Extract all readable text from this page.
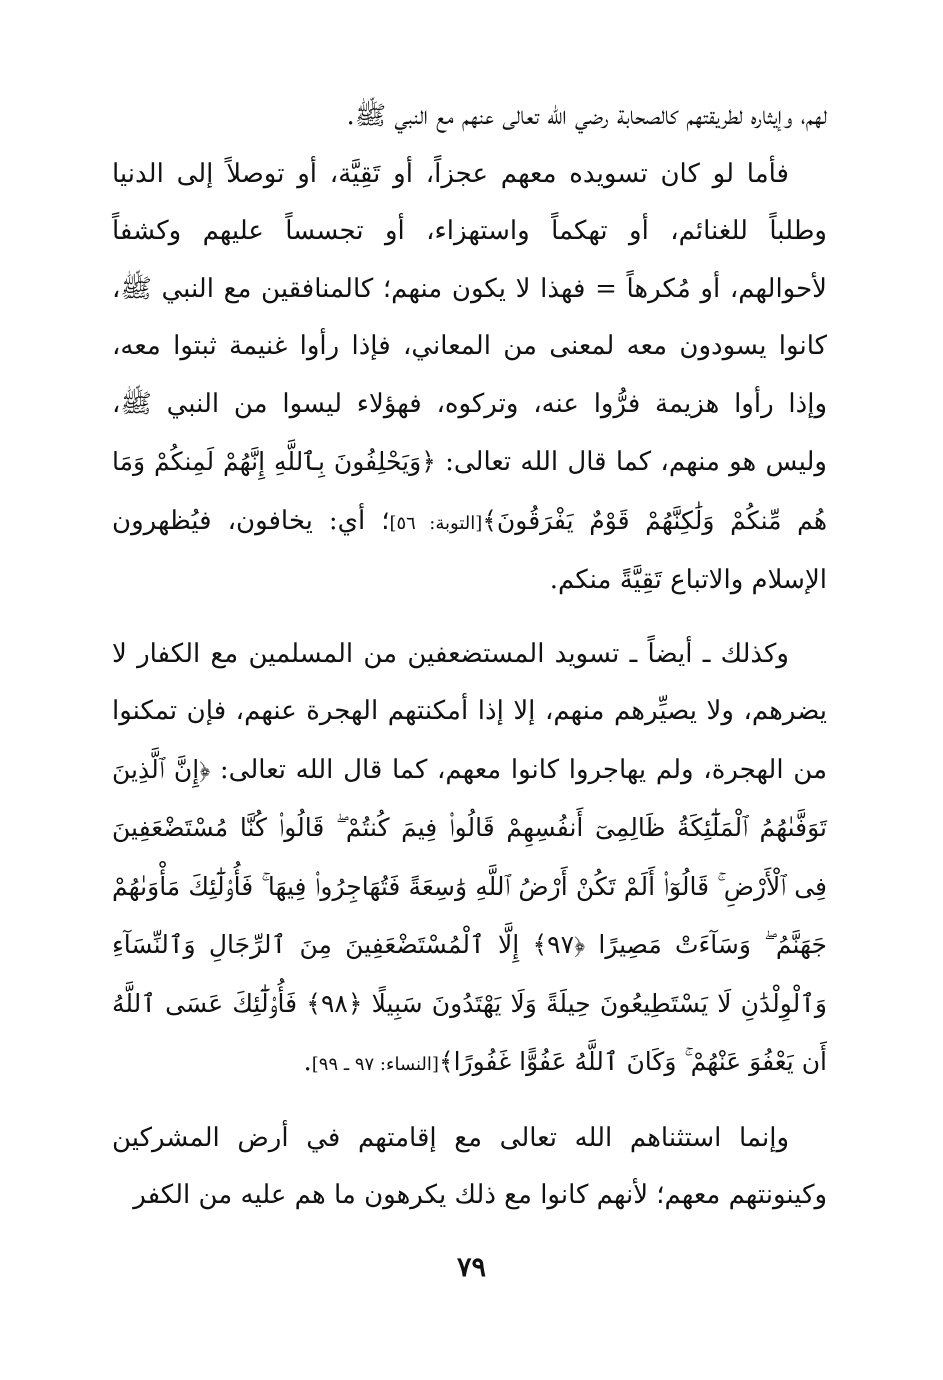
لهم، وإيثاره لطريقتهم كالصحابة رضي الله تعالى عنهم مع النبي ﷺ.

فأما لو كان تسويده معهم عجزاً، أو تَقِيَّة، أو توصلاً إلى الدنيا وطلباً للغنائم، أو تهكماً واستهزاء، أو تجسساً عليهم وكشفاً لأحوالهم، أو مُكرهاً = فهذا لا يكون منهم؛ كالمنافقين مع النبي ﷺ، كانوا يسودون معه لمعنى من المعاني، فإذا رأوا غنيمة ثبتوا معه، وإذا رأوا هزيمة فرُّوا عنه، وتركوه، فهؤلاء ليسوا من النبي ﷺ، وليس هو منهم، كما قال الله تعالى: ﴿وَيَحْلِفُونَ بِٱللَّهِ إِنَّهُمْ لَمِنكُمْ وَمَا هُم مِّنكُمْ وَلَٰكِنَّهُمْ قَوْمٌ يَفْرَقُونَ﴾[التوبة: ٥٦]؛ أي: يخافون، فيُظهرون الإسلام والاتباع تَقِيَّةً منكم.

وكذلك ـ أيضاً ـ تسويد المستضعفين من المسلمين مع الكفار لا يضرهم، ولا يصيِّرهم منهم، إلا إذا أمكنتهم الهجرة عنهم، فإن تمكنوا من الهجرة، ولم يهاجروا كانوا معهم، كما قال الله تعالى: ﴿إِنَّ ٱلَّذِينَ تَوَفَّىٰهُمُ ٱلْمَلَٰٓئِكَةُ ظَالِمِىٓ أَنفُسِهِمْ قَالُوا۟ فِيمَ كُنتُمْ ۖ قَالُوا۟ كُنَّا مُسْتَضْعَفِينَ فِى ٱلْأَرْضِ ۚ قَالُوٓا۟ أَلَمْ تَكُنْ أَرْضُ ٱللَّهِ وَٰسِعَةً فَتُهَاجِرُوا۟ فِيهَا ۚ فَأُو۟لَٰٓئِكَ مَأْوَىٰهُمْ جَهَنَّمُ ۖ وَسَآءَتْ مَصِيرًا ﴿٩٧﴾ إِلَّا ٱلْمُسْتَضْعَفِينَ مِنَ ٱلرِّجَالِ وَٱلنِّسَآءِ وَٱلْوِلْدَٰنِ لَا يَسْتَطِيعُونَ حِيلَةً وَلَا يَهْتَدُونَ سَبِيلًا ﴿٩٨﴾ فَأُو۟لَٰٓئِكَ عَسَى ٱللَّهُ أَن يَعْفُوَ عَنْهُمْ ۚ وَكَانَ ٱللَّهُ عَفُوًّا غَفُورًا﴾[النساء: ٩٧ ـ ٩٩].

وإنما استثناهم الله تعالى مع إقامتهم في أرض المشركين وكينونتهم معهم؛ لأنهم كانوا مع ذلك يكرهون ما هم عليه من الكفر

٧٩
